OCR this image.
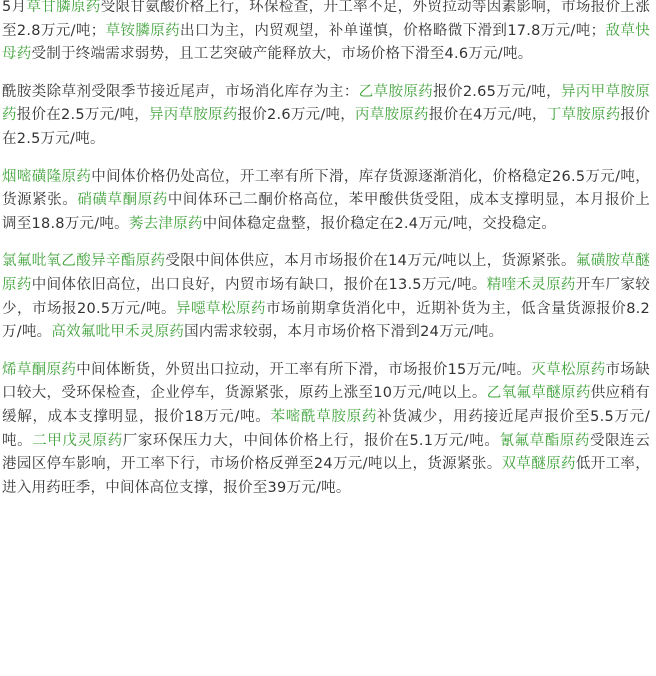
5月草甘膦原药受限甘氨酸价格上行，环保检查，开工率不足，外贸拉动等因素影响，市场报价上涨至2.8万元/吨；草铵膦原药出口为主，内贸观望，补单谨慎，价格略微下滑到17.8万元/吨；敌草快母药受制于终端需求弱势，且工艺突破产能释放大，市场价格下滑至4.6万元/吨。

酰胺类除草剂受限季节接近尾声，市场消化库存为主：乙草胺原药报价2.65万元/吨，异丙甲草胺原药报价在2.5万元/吨，异丙草胺原药报价2.6万元/吨，丙草胺原药报价在4万元/吨，丁草胺原药报价在2.5万元/吨。

烟嘧磺隆原药中间体价格仍处高位，开工率有所下滑，库存货源逐渐消化，价格稳定26.5万元/吨，货源紧张。硝磺草酮原药中间体环己二酮价格高位，苯甲酸供货受阻，成本支撑明显，本月报价上调至18.8万元/吨。莠去津原药中间体稳定盘整，报价稳定在2.4万元/吨，交投稳定。

氯氟吡氧乙酸异辛酯原药受限中间体供应，本月市场报价在14万元/吨以上，货源紧张。氟磺胺草醚原药中间体依旧高位，出口良好，内贸市场有缺口，报价在13.5万元/吨。精喹禾灵原药开车厂家较少，市场报20.5万元/吨。异噁草松原药市场前期拿货消化中，近期补货为主，低含量货源报价8.2万/吨。高效氟吡甲禾灵原药国内需求较弱，本月市场价格下滑到24万元/吨。

烯草酮原药中间体断货，外贸出口拉动，开工率有所下滑，市场报价15万元/吨。灭草松原药市场缺口较大，受环保检查，企业停车，货源紧张，原药上涨至10万元/吨以上。乙氧氟草醚原药供应稍有缓解，成本支撑明显，报价18万元/吨。苯嘧酰草胺原药补货减少，用药接近尾声报价至5.5万元/吨。二甲戊灵原药厂家环保压力大，中间体价格上行，报价在5.1万元/吨。氰氟草酯原药受限连云港园区停车影响，开工率下行，市场价格反弹至24万元/吨以上，货源紧张。双草醚原药低开工率，进入用药旺季，中间体高位支撑，报价至39万元/吨。
